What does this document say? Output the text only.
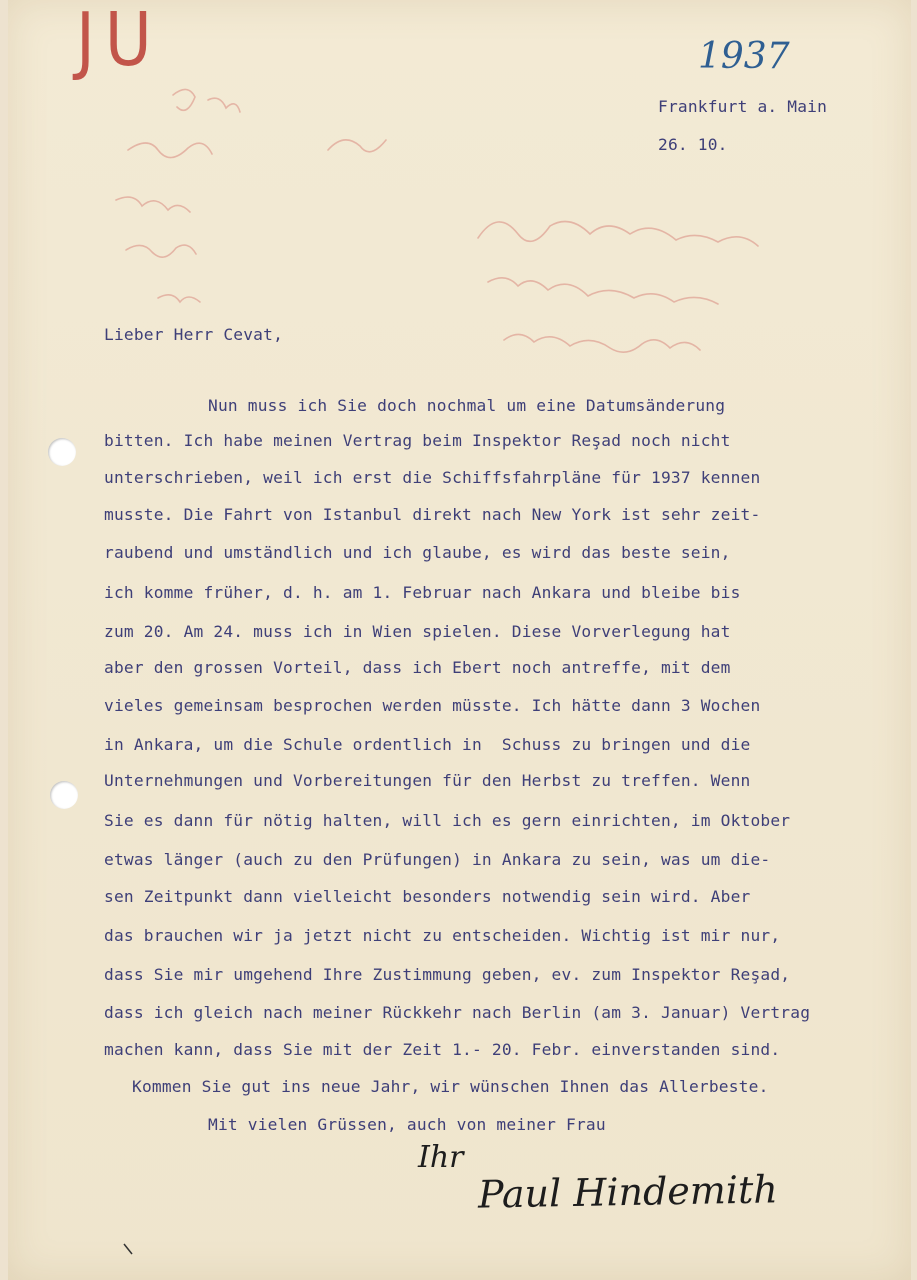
JU	1937
Frankfurt a. Main
26. 10.
Lieber Herr Cevat,
Nun muss ich Sie doch nochmal um eine Datumsänderung
bitten. Ich habe meinen Vertrag beim Inspektor Reşad noch nicht
unterschrieben, weil ich erst die Schiffsfahrpläne für 1937 kennen
musste. Die Fahrt von Istanbul direkt nach New York ist sehr zeit-
raubend und umständlich und ich glaube, es wird das beste sein,
ich komme früher, d. h. am 1. Februar nach Ankara und bleibe bis
zum 20. Am 24. muss ich in Wien spielen. Diese Vorverlegung hat
aber den grossen Vorteil, dass ich Ebert noch antreffe, mit dem
vieles gemeinsam besprochen werden müsste. Ich hätte dann 3 Wochen
in Ankara, um die Schule ordentlich in  Schuss zu bringen und die
Unternehmungen und Vorbereitungen für den Herbst zu treffen. Wenn
Sie es dann für nötig halten, will ich es gern einrichten, im Oktober
etwas länger (auch zu den Prüfungen) in Ankara zu sein, was um die-
sen Zeitpunkt dann vielleicht besonders notwendig sein wird. Aber
das brauchen wir ja jetzt nicht zu entscheiden. Wichtig ist mir nur,
dass Sie mir umgehend Ihre Zustimmung geben, ev. zum Inspektor Reşad,
dass ich gleich nach meiner Rückkehr nach Berlin (am 3. Januar) Vertrag
machen kann, dass Sie mit der Zeit 1.- 20. Febr. einverstanden sind.
Kommen Sie gut ins neue Jahr, wir wünschen Ihnen das Allerbeste.
Mit vielen Grüssen, auch von meiner Frau
Ihr
Paul Hindemith
